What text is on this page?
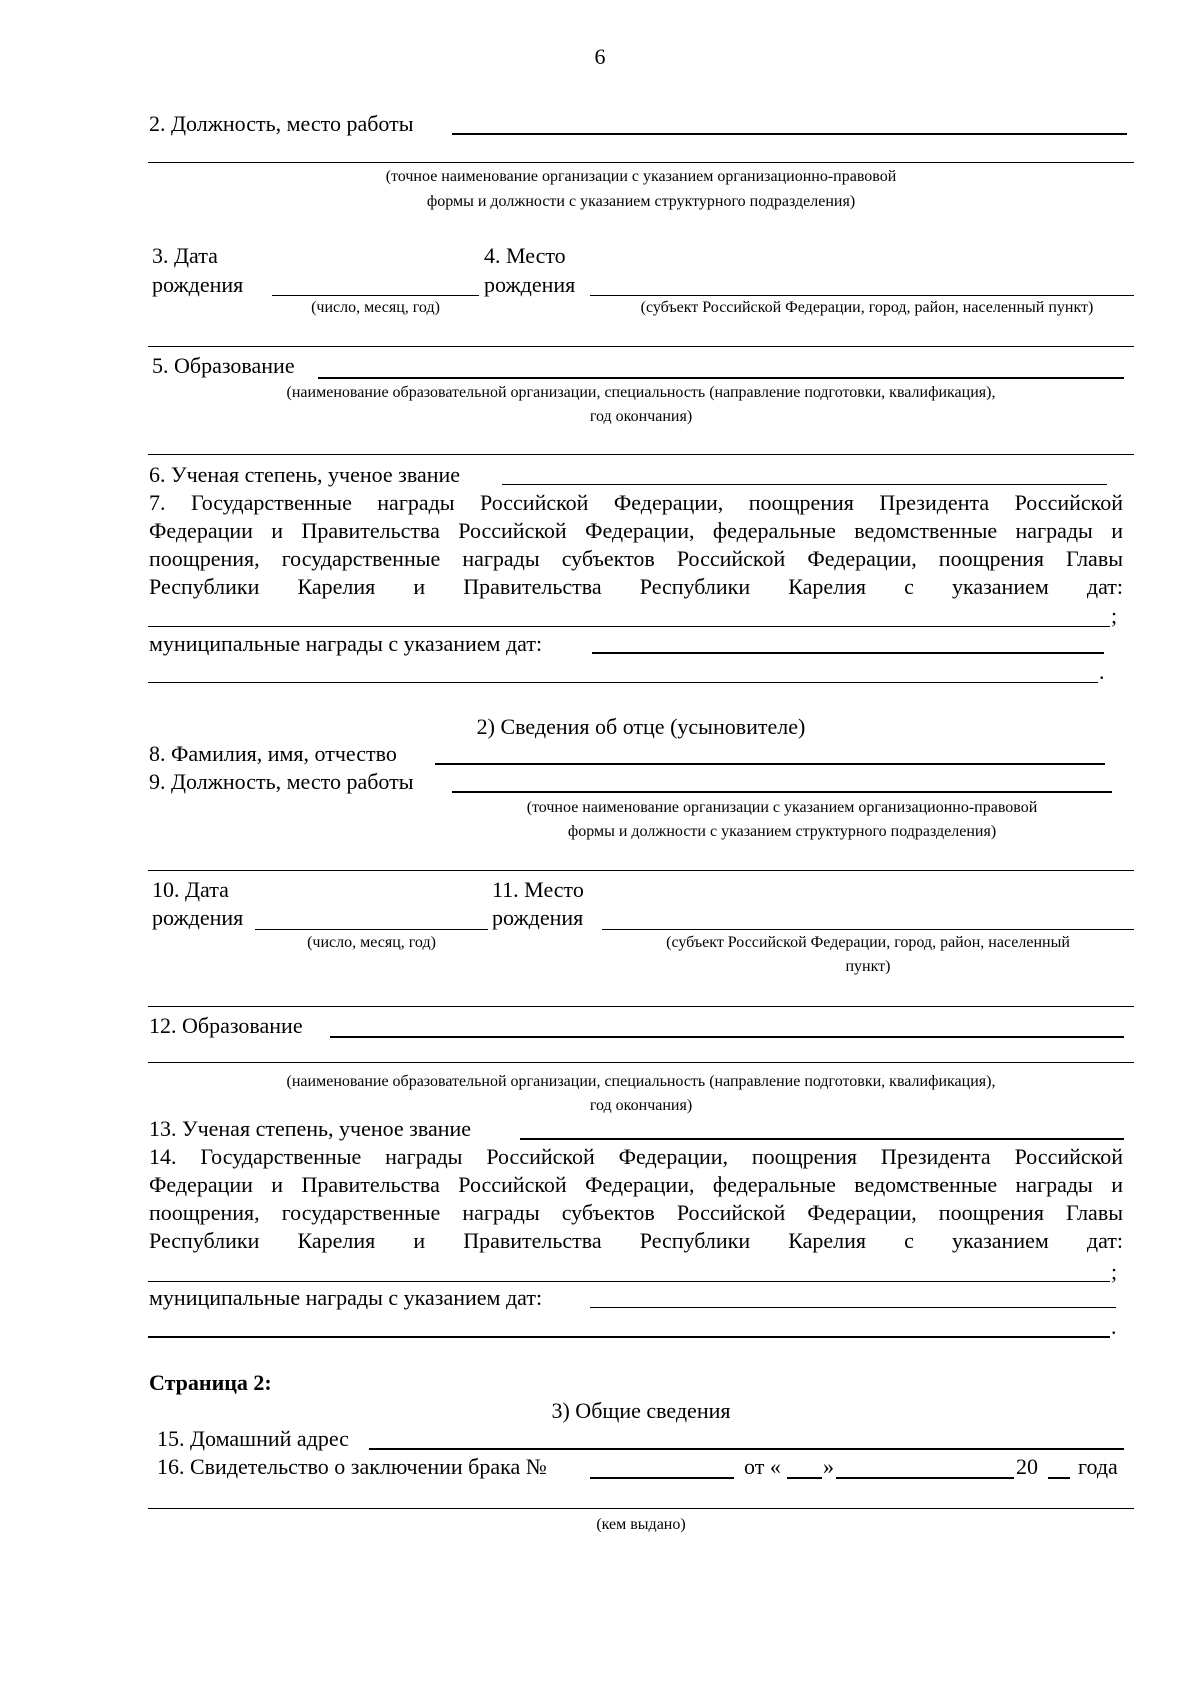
6
2. Должность, место работы
(точное наименование организации с указанием организационно-правовой
формы и должности с указанием структурного подразделения)
3. Дата
рождения
(число, месяц, год)
4. Место
рождения
(субъект Российской Федерации, город, район, населенный пункт)
5. Образование
(наименование образовательной организации, специальность (направление подготовки, квалификация),
год окончания)
6. Ученая степень, ученое звание
7. Государственные награды Российской Федерации, поощрения Президента Российской
Федерации и Правительства Российской Федерации, федеральные ведомственные награды и
поощрения, государственные награды субъектов Российской Федерации, поощрения Главы
Республики Карелия и Правительства Республики Карелия с указанием дат:
;
муниципальные награды с указанием дат:
.
2) Сведения об отце (усыновителе)
8. Фамилия, имя, отчество
9. Должность, место работы
(точное наименование организации с указанием организационно-правовой
формы и должности с указанием структурного подразделения)
10. Дата
рождения
(число, месяц, год)
11. Место
рождения
(субъект Российской Федерации, город, район, населенный
пункт)
12. Образование
(наименование образовательной организации, специальность (направление подготовки, квалификация),
год окончания)
13. Ученая степень, ученое звание
14. Государственные награды Российской Федерации, поощрения Президента Российской
Федерации и Правительства Российской Федерации, федеральные ведомственные награды и
поощрения, государственные награды субъектов Российской Федерации, поощрения Главы
Республики Карелия и Правительства Республики Карелия с указанием дат:
;
муниципальные награды с указанием дат:
.
Страница 2:
3) Общие сведения
15. Домашний адрес
16. Свидетельство о заключении брака №	от « »	20 года
(кем выдано)
